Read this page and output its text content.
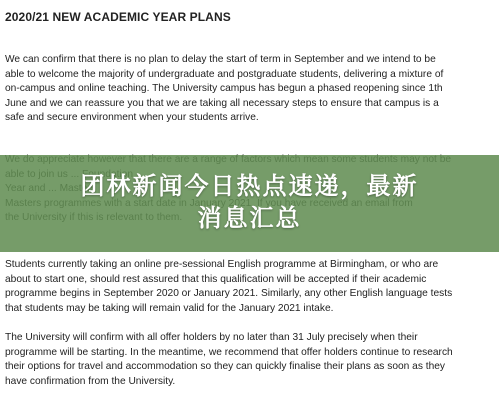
2020/21 NEW ACADEMIC YEAR PLANS
We can confirm that there is no plan to delay the start of term in September and we intend to be
able to welcome the majority of undergraduate and postgraduate students, delivering a mixture of
on-campus and online teaching. The University campus has begun a phased reopening since 1th
June and we can reassure you that we are taking all necessary steps to ensure that campus is a
safe and secure environment when your students arrive.
Students currently taking an online pre-sessional English programme at Birmingham, or who are
about to start one, should rest assured that this qualification will be accepted if their academic
programme begins in September 2020 or January 2021. Similarly, any other English language tests
that students may be taking will remain valid for the January 2021 intake.
The University will confirm with all offer holders by no later than 31 July precisely when their
programme will be starting. In the meantime, we recommend that offer holders continue to research
their options for travel and accommodation so they can quickly finalise their plans as soon as they
have confirmation from the University.
团林新闻今日热点速递，最新
消息汇总
